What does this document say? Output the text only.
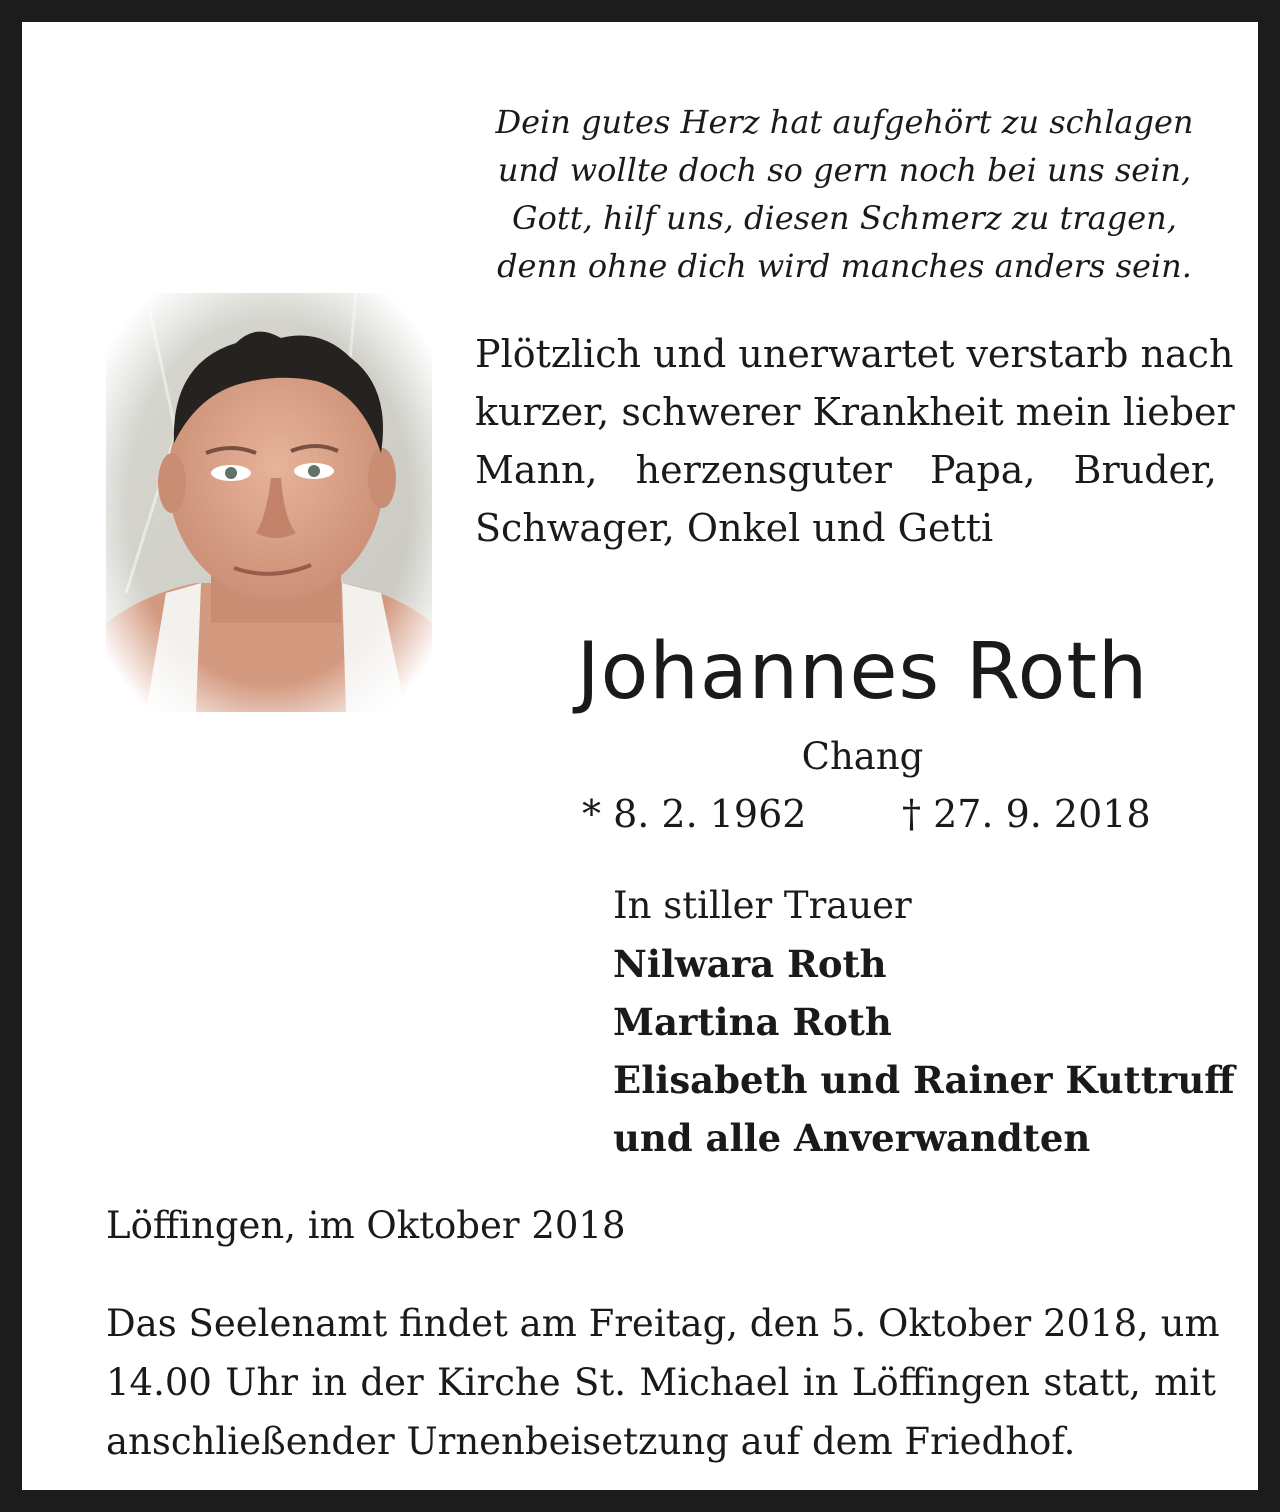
Dein gutes Herz hat aufgehört zu schlagen
und wollte doch so gern noch bei uns sein,
Gott, hilf uns, diesen Schmerz zu tragen,
denn ohne dich wird manches anders sein.
Plötzlich und unerwartet verstarb nach
kurzer, schwerer Krankheit mein lieber
Mann, herzensguter Papa, Bruder,
Schwager, Onkel und Getti
Johannes Roth
Chang
* 8. 2. 1962	† 27. 9. 2018
In stiller Trauer
Nilwara Roth
Martina Roth
Elisabeth und Rainer Kuttruff
und alle Anverwandten
Löffingen, im Oktober 2018
Das Seelenamt findet am Freitag, den 5. Oktober 2018, um
14.00 Uhr in der Kirche St. Michael in Löffingen statt, mit
anschließender Urnenbeisetzung auf dem Friedhof.
